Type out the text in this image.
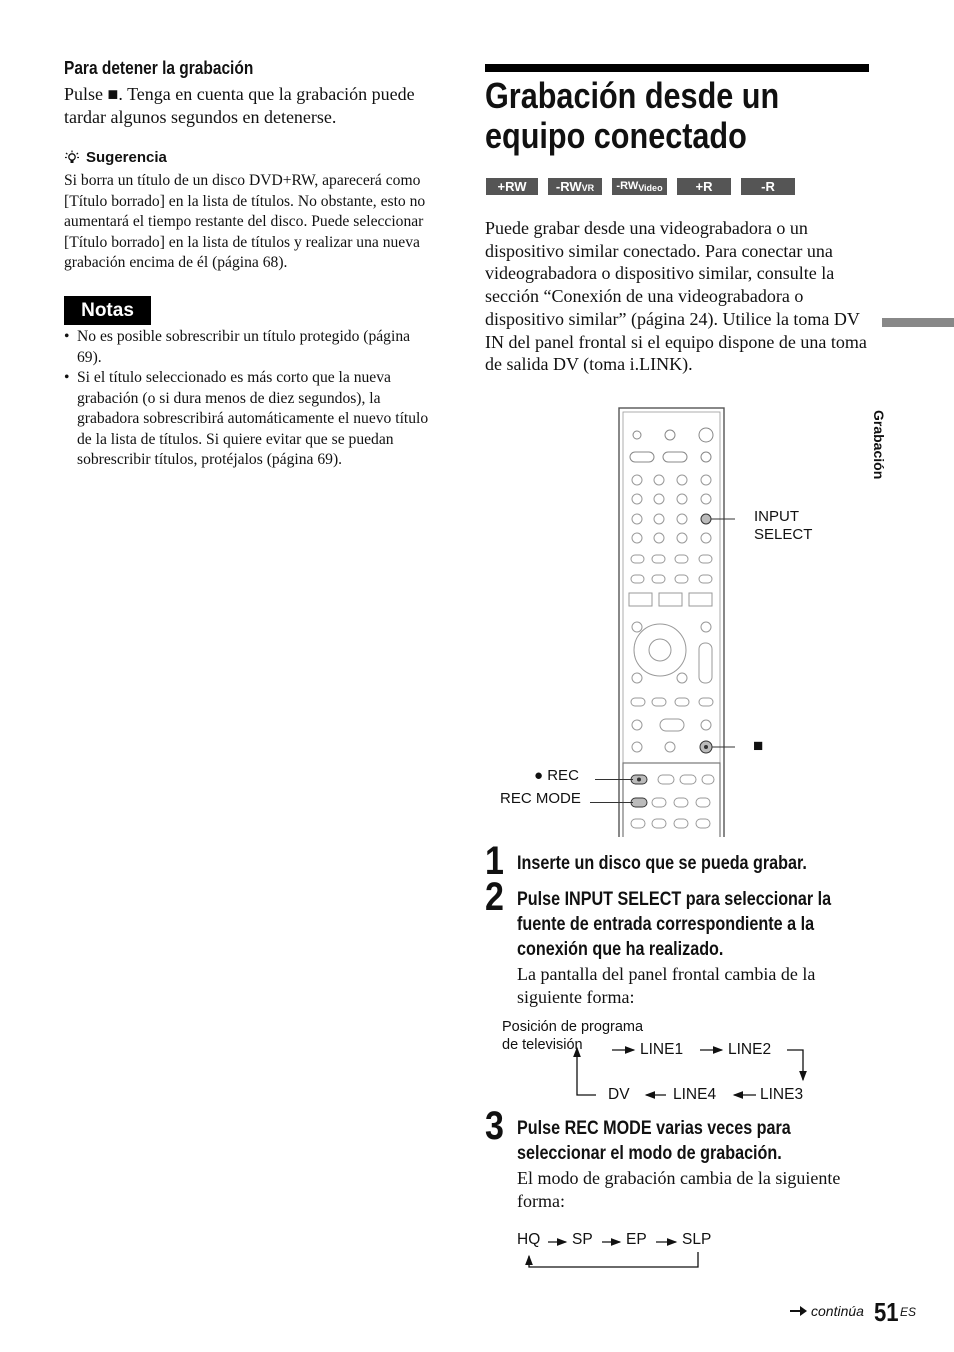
Para detener la grabación
Pulse ■. Tenga en cuenta que la grabación puede tardar algunos segundos en detenerse.
Sugerencia
Si borra un título de un disco DVD+RW, aparecerá como [Título borrado] en la lista de títulos. No obstante, esto no aumentará el tiempo restante del disco. Puede seleccionar [Título borrado] en la lista de títulos y realizar una nueva grabación encima de él (página 68).
Notas
• No es posible sobrescribir un título protegido (página 69).
• Si el título seleccionado es más corto que la nueva grabación (o si dura menos de diez segundos), la grabadora sobrescribirá automáticamente el nuevo título de la lista de títulos. Si quiere evitar que se puedan sobrescribir títulos, protéjalos (página 69).
Grabación desde un equipo conectado
+RW	-RW VR -RW Video	+R	-R
Puede grabar desde una videograbadora o un dispositivo similar conectado. Para conectar una videograbadora o dispositivo similar, consulte la sección “Conexión de una videograbadora o dispositivo similar” (página 24). Utilice la toma DV IN del panel frontal si el equipo dispone de una toma de salida DV (toma i.LINK).
INPUT
SELECT
■
● REC
REC MODE
1 Inserte un disco que se pueda grabar.
2 Pulse INPUT SELECT para seleccionar la fuente de entrada correspondiente a la conexión que ha realizado.
La pantalla del panel frontal cambia de la siguiente forma:
Posición de programa
de televisión	LINE1	LINE2
LINE3
LINE4
DV
3 Pulse REC MODE varias veces para seleccionar el modo de grabación.
El modo de grabación cambia de la siguiente forma:
HQ SP EP SLP
Grabación
continúa 51 ES
